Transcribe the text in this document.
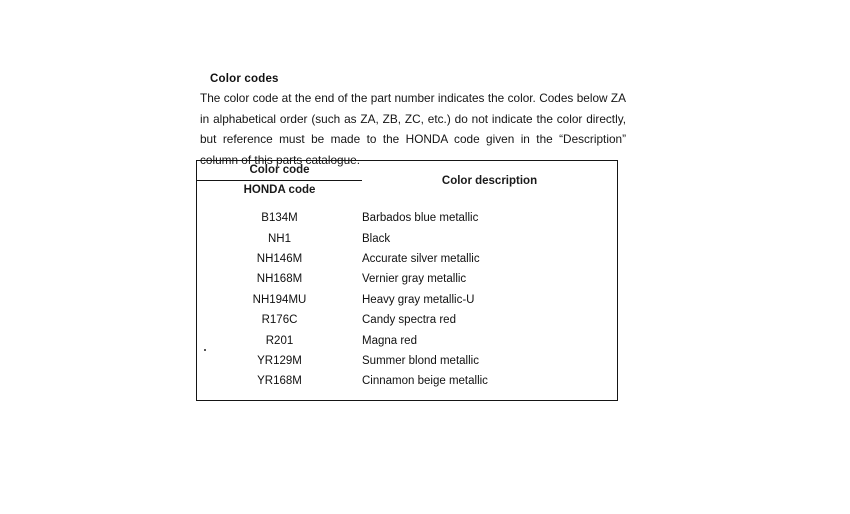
Color codes
The color code at the end of the part number indicates the color. Codes below ZA in alphabetical order (such as ZA, ZB, ZC, etc.) do not indicate the color directly, but reference must be made to the HONDA code given in the “Description” column of this parts catalogue.
Color code
HONDA code	Color description

B134M	Barbados blue metallic
NH1	Black
NH146M	Accurate silver metallic
NH168M	Vernier gray metallic
NH194MU	Heavy gray metallic-U
R176C	Candy spectra red
R201	Magna red
YR129M	Summer blond metallic
YR168M	Cinnamon beige metallic
